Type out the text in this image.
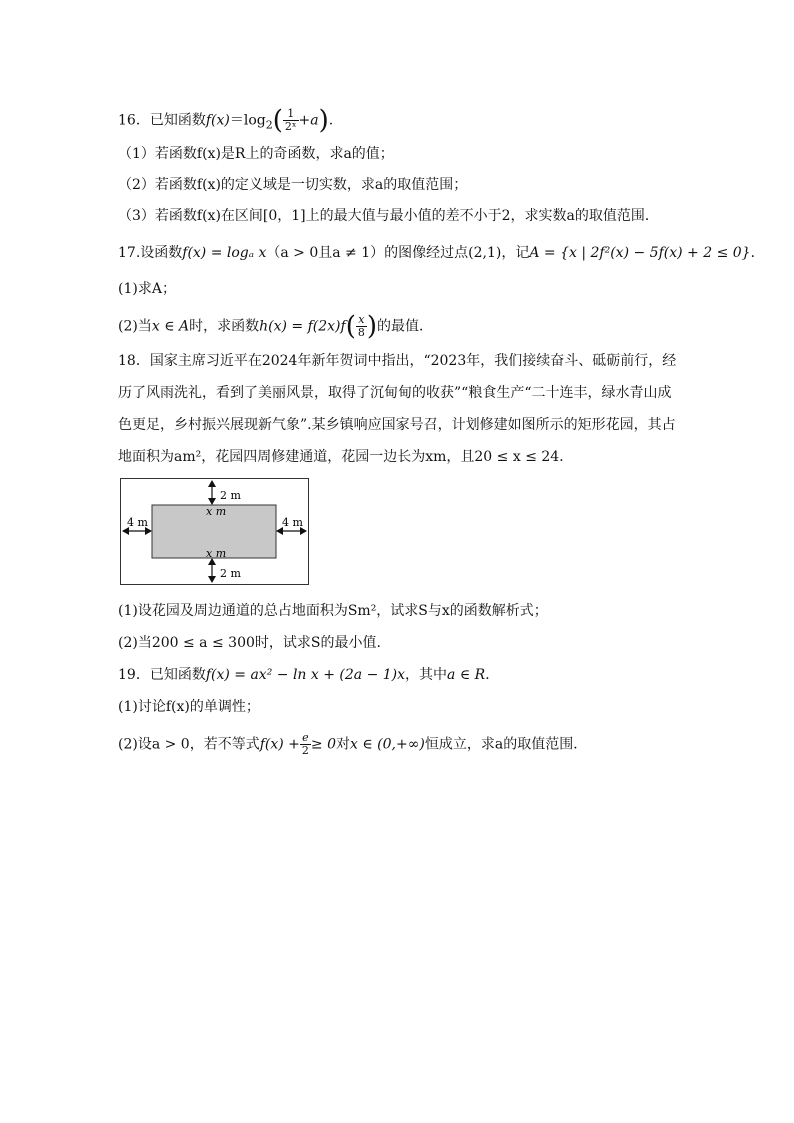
16．已知函数$f(x)=\log_2( \frac{1}{\text{2ˣ}} +a)$.
（1）若函数f(x)是R上的奇函数，求a的值；
（2）若函数f(x)的定义域是一切实数，求a的取值范围；
（3）若函数f(x)在区间[0，1]上的最大值与最小值的差不小于2，求实数a的取值范围．
17.设函数f(x) = logₐ x（a > 0且a ≠ 1）的图像经过点(2,1)，记A = {x | 2f²(x) − 5f(x) + 2 ≤ 0}．
(1)求A；
(2)当x ∈ A时，求函数$h(x) = f(2x)f( \frac{x}{8}$ )的最值．
18．国家主席习近平在2024年新年贺词中指出，“2023年，我们接续奋斗、砥砺前行，经历了风雨洗礼，看到了美丽风景，取得了沉甸甸的收获”“粮食生产“二十连丰，绿水青山成色更足，乡村振兴展现新气象”.某乡镇响应国家号召，计划修建如图所示的矩形花园，其占地面积为am²，花园四周修建通道，花园一边长为xm，且20 ≤ x ≤ 24．
2 m
2 m
4 m	4 m
x m
x m
(1)设花园及周边通道的总占地面积为Sm²，试求S与x的函数解析式；
(2)当200 ≤ a ≤ 300时，试求S的最小值.
19．已知函数f(x) = ax² − ln x + (2a − 1)x，其中a ∈ R．
(1)讨论f(x)的单调性；
(2)设a > 0，若不等式$f(x) + \frac{e}{2} \ge 0$对x ∈ (0,+∞)恒成立，求a的取值范围．
